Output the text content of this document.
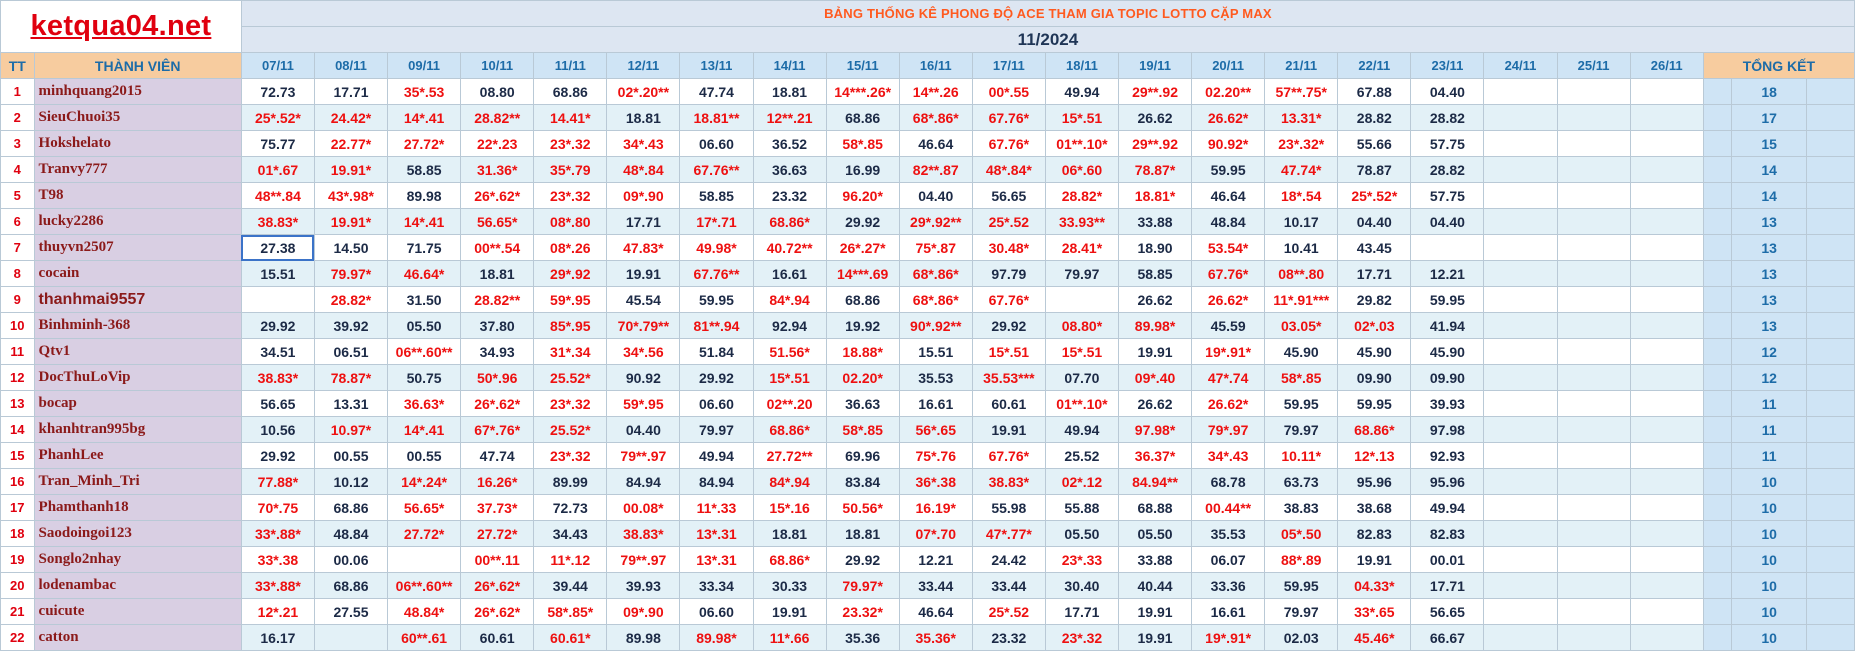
ketqua04.net		BẢNG THỐNG KÊ PHONG ĐỘ ACE THAM GIA TOPIC LOTTO CẶP MAX																						
		11/2024																						
TT	THÀNH VIÊN	07/11	08/11	09/11	10/11	11/11	12/11	13/11	14/11	15/11	16/11	17/11	18/11	19/11	20/11	21/11	22/11	23/11	24/11	25/11	26/11	TỔNG KẾT		
1	minhquang2015	72.73	17.71	35*.53	08.80	68.86	02*.20**	47.74	18.81	14***.26*	14**.26	00*.55	49.94	29**.92	02.20**	57**.75*	67.88	04.40					18	
2	SieuChuoi35	25*.52*	24.42*	14*.41	28.82**	14.41*	18.81	18.81**	12**.21	68.86	68*.86*	67.76*	15*.51	26.62	26.62*	13.31*	28.82	28.82					17	
3	Hokshelato	75.77	22.77*	27.72*	22*.23	23*.32	34*.43	06.60	36.52	58*.85	46.64	67.76*	01**.10*	29**.92	90.92*	23*.32*	55.66	57.75					15	
4	Tranvy777	01*.67	19.91*	58.85	31.36*	35*.79	48*.84	67.76**	36.63	16.99	82**.87	48*.84*	06*.60	78.87*	59.95	47.74*	78.87	28.82					14	
5	T98	48**.84	43*.98*	89.98	26*.62*	23*.32	09*.90	58.85	23.32	96.20*	04.40	56.65	28.82*	18.81*	46.64	18*.54	25*.52*	57.75					14	
6	lucky2286	38.83*	19.91*	14*.41	56.65*	08*.80	17.71	17*.71	68.86*	29.92	29*.92**	25*.52	33.93**	33.88	48.84	10.17	04.40	04.40					13	
7	thuyvn2507	27.38	14.50	71.75	00**.54	08*.26	47.83*	49.98*	40.72**	26*.27*	75*.87	30.48*	28.41*	18.90	53.54*	10.41	43.45						13	
8	cocain	15.51	79.97*	46.64*	18.81	29*.92	19.91	67.76**	16.61	14***.69	68*.86*	97.79	79.97	58.85	67.76*	08**.80	17.71	12.21					13	
9	thanhmai9557		28.82*	31.50	28.82**	59*.95	45.54	59.95	84*.94	68.86	68*.86*	67.76*		26.62	26.62*	11*.91***	29.82	59.95					13	
10	Binhminh-368	29.92	39.92	05.50	37.80	85*.95	70*.79**	81**.94	92.94	19.92	90*.92**	29.92	08.80*	89.98*	45.59	03.05*	02*.03	41.94					13	
11	Qtv1	34.51	06.51	06**.60**	34.93	31*.34	34*.56	51.84	51.56*	18.88*	15.51	15*.51	15*.51	19.91	19*.91*	45.90	45.90	45.90					12	
12	DocThuLoVip	38.83*	78.87*	50.75	50*.96	25.52*	90.92	29.92	15*.51	02.20*	35.53	35.53***	07.70	09*.40	47*.74	58*.85	09.90	09.90					12	
13	bocap	56.65	13.31	36.63*	26*.62*	23*.32	59*.95	06.60	02**.20	36.63	16.61	60.61	01**.10*	26.62	26.62*	59.95	59.95	39.93					11	
14	khanhtran995bg	10.56	10.97*	14*.41	67*.76*	25.52*	04.40	79.97	68.86*	58*.85	56*.65	19.91	49.94	97.98*	79*.97	79.97	68.86*	97.98					11	
15	PhanhLee	29.92	00.55	00.55	47.74	23*.32	79**.97	49.94	27.72**	69.96	75*.76	67.76*	25.52	36.37*	34*.43	10.11*	12*.13	92.93					11	
16	Tran_Minh_Tri	77.88*	10.12	14*.24*	16.26*	89.99	84.94	84.94	84*.94	83.84	36*.38	38.83*	02*.12	84.94**	68.78	63.73	95.96	95.96					10	
17	Phamthanh18	70*.75	68.86	56.65*	37.73*	72.73	00.08*	11*.33	15*.16	50.56*	16.19*	55.98	55.88	68.88	00.44**	38.83	38.68	49.94					10	
18	Saodoingoi123	33*.88*	48.84	27.72*	27.72*	34.43	38.83*	13*.31	18.81	18.81	07*.70	47*.77*	05.50	05.50	35.53	05*.50	82.83	82.83					10	
19	Songlo2nhay	33*.38	00.06		00**.11	11*.12	79**.97	13*.31	68.86*	29.92	12.21	24.42	23*.33	33.88	06.07	88*.89	19.91	00.01					10	
20	lodenambac	33*.88*	68.86	06**.60**	26*.62*	39.44	39.93	33.34	30.33	79.97*	33.44	33.44	30.40	40.44	33.36	59.95	04.33*	17.71					10	
21	cuicute	12*.21	27.55	48.84*	26*.62*	58*.85*	09*.90	06.60	19.91	23.32*	46.64	25*.52	17.71	19.91	16.61	79.97	33*.65	56.65					10	
22	catton	16.17		60**.61	60.61	60.61*	89.98	89.98*	11*.66	35.36	35.36*	23.32	23*.32	19.91	19*.91*	02.03	45.46*	66.67					10	
